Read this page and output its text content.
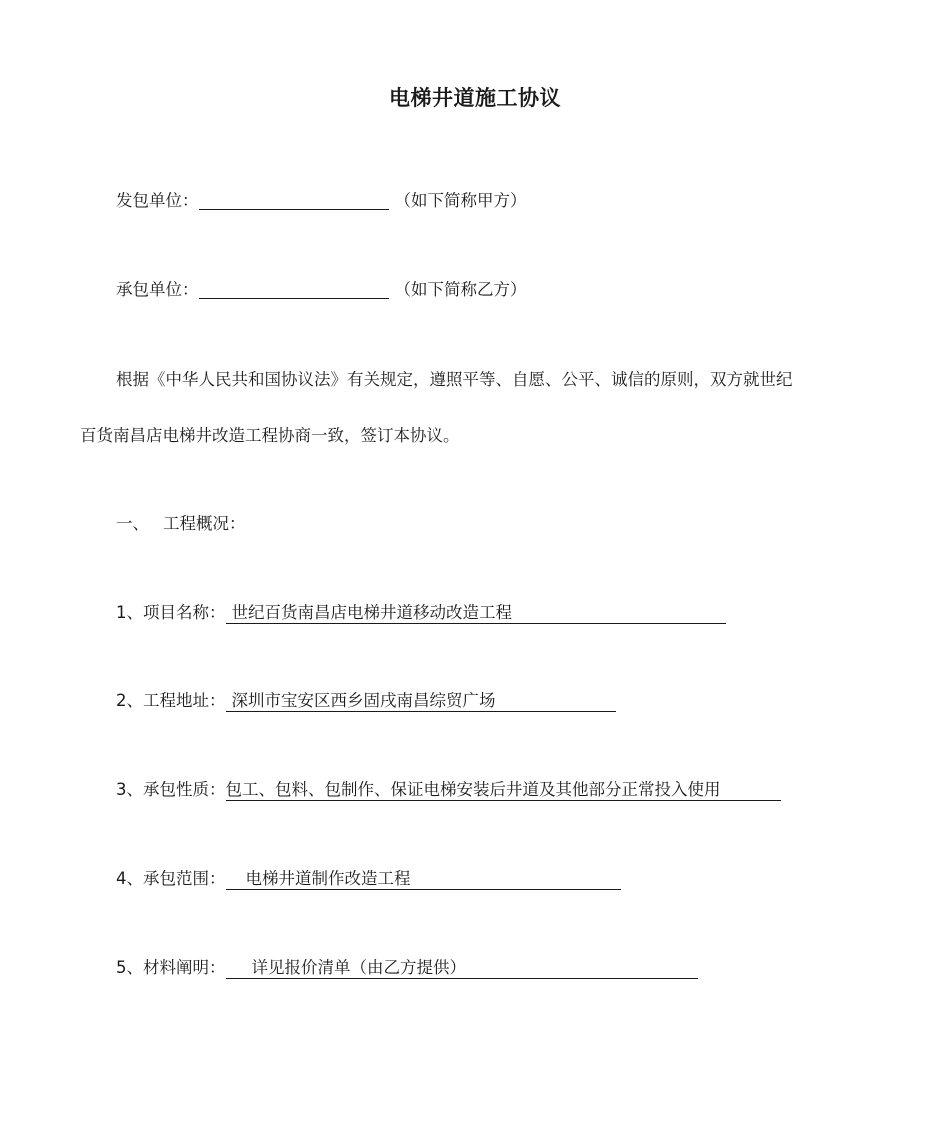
电梯井道施工协议
发包单位：	（如下简称甲方）
承包单位：	（如下简称乙方）
根据《中华人民共和国协议法》有关规定，遵照平等、自愿、公平、诚信的原则，双方就世纪
百货南昌店电梯井改造工程协商一致，签订本协议。
一、 工程概况：
1、项目名称： 世纪百货南昌店电梯井道移动改造工程
2、工程地址： 深圳市宝安区西乡固戌南昌综贸广场
3、承包性质：包工、包料、包制作、保证电梯安装后井道及其他部分正常投入使用
4、承包范围： 电梯井道制作改造工程
5、材料阐明： 详见报价清单（由乙方提供）
